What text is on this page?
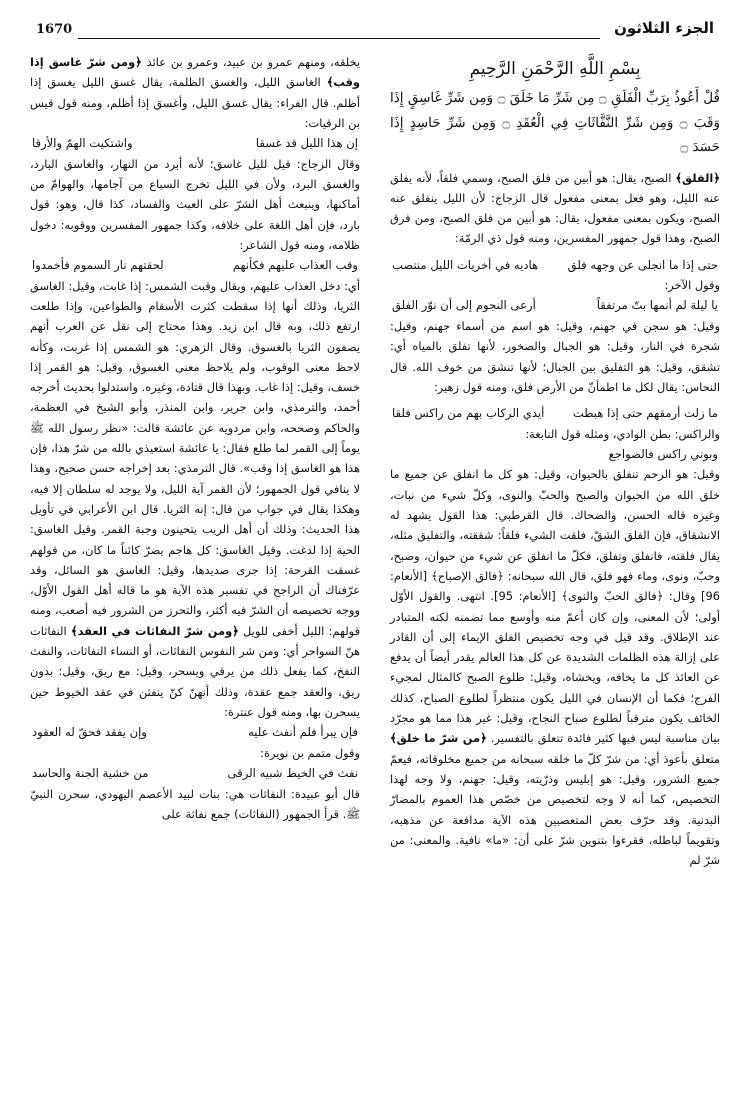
1670	الجزء الثلاثون
بِسْمِ اللَّهِ الرَّحْمَنِ الرَّحِيمِ
قُلْ أَعُوذُ بِرَبِّ الْفَلَقِ ۝ مِن شَرِّ مَا خَلَقَ ۝ وَمِن شَرِّ غَاسِقٍ إِذَا وَقَبَ ۝ وَمِن شَرِّ النَّفَّاثَاتِ فِي الْعُقَدِ ۝ وَمِن شَرِّ حَاسِدٍ إِذَا حَسَدَ ۝

﴿الفلق﴾ الصبح، يقال: هو أبين من فلق الصبح، وسمي فلقاً، لأنه يفلق عنه الليل، وهو فعل بمعنى مفعول قال الزجاج: لأن الليل ينفلق عنه الصبح، ويكون بمعنى مفعول، يقال: هو أبين من فلق الصبح، ومن فرق الصبح، وهذا قول جمهور المفسرين، ومنه قول ذي الرمّة:

حتى إذا ما انجلى عن وجهه فلق
هاديه في أخريات الليل منتصب

وقول الآخر:

يا ليلة لم أنمها بتّ مرتفقاً
أرعى النجوم إلى أن نوّر الفلق

وقيل: هو سجن في جهنم، وقيل: هو اسم من أسماء جهنم، وقيل: شجرة في النار، وقيل: هو الجبال والصخور، لأنها تفلق بالمياه أي: تشقق، وقيل: هو التفليق بين الجبال؛ لأنها تنشق من خوف الله. قال النحاس: يقال لكل ما اطمأنّ من الأرض فلق، ومنه قول زهير:

ما زلت أرمقهم حتى إذا هبطت
أيدي الركاب بهم من راكس فلقا

والراكس: بطن الوادي، ومثله قول النابغة:

وبوني راكس فالضواجع

وقيل: هو الرحم تنفلق بالحيوان، وقيل: هو كل ما انفلق عن جميع ما خلق الله من الحيوان والصبح والحبّ والنوى، وكلّ شيء من نبات، وغيره قاله الحسن، والضحاك. قال القرطبي: هذا القول يشهد له الانشقاق، فإن الفلق الشقّ، فلقت الشيء فلقاً: شققته، والتفليق مثله، يقال فلقته، فانفلق وتفلق، فكلّ ما انفلق عن شيء من حيوان، وصبح، وحبّ، ونوى، وماء فهو فلق، قال الله سبحانه: ﴿فالق الإصباح﴾ [الأنعام: 96] وقال: ﴿فالق الحبّ والنوى﴾ [الأنعام: 95]. انتهى. والقول الأوّل أولى؛ لأن المعنى، وإن كان أعمّ منه وأوسع مما تضمنه لكنه المتبادر عند الإطلاق. وقد قيل في وجه تخصيص الفلق الإيماء إلى أن القادر على إزالة هذه الظلمات الشديدة عن كل هذا العالم يقدر أيضاً أن يدفع عن العائذ كل ما يخافه، ويخشاه، وقيل: طلوع الصبح كالمثال لمجيء الفرج؛ فكما أن الإنسان في الليل يكون منتظراً لطلوع الصباح، كذلك الخائف يكون مترقباً لطلوع صباح النجاح، وقيل: غير هذا مما هو مجرّد بيان مناسبة ليس فيها كثير فائدة تتعلق بالتفسير. ﴿من شرّ ما خلق﴾ متعلق بأعوذ أي: من شرّ كلّ ما خلقه سبحانه من جميع مخلوقاته، فيعمّ جميع الشرور، وقيل: هو إبليس وذرّيته، وقيل: جهنم، ولا وجه لهذا التخصيص، كما أنه لا وجه لتخصيص من خصّص هذا العموم بالمضارّ البدنية. وقد حرّف بعض المتعصبين هذه الآية مدافعة عن مذهبه، وتقويماً لباطله، فقرءوا بتنوين شرّ على أن: «ما» نافية. والمعنى: من شرّ لم

يخلقه، ومنهم عمرو بن عبيد، وعمرو بن عائذ ﴿ومن شرّ غاسق إذا وقب﴾ الغاسق الليل، والغسق الظلمة، يقال غسق الليل يغسق إذا أظلم. قال الفراء: يقال غسق الليل، وأغسق إذا أظلم، ومنه قول قيس بن الرقيات:

إن هذا الليل قد غسقا
واشتكيت الهمّ والأرقا

وقال الزجاج: قيل لليل غاسق؛ لأنه أبرد من النهار، والغاسق البارد، والغسق البرد، ولأن في الليل تخرج السباع من آجامها، والهوامّ من أماكنها، وينبعث أهل الشرّ على العبث والفساد، كذا قال، وهو: قول بارد، فإن أهل اللغة على خلافه، وكذا جمهور المفسرين ووقوبه: دخول ظلامه، ومنه قول الشاعر:

وقب العذاب عليهم فكأنهم
لحقتهم نار السموم فأخمدوا

أي: دخل العذاب عليهم، ويقال وقبت الشمس: إذا غابت، وقيل: الغاسق الثريا، وذلك أنها إذا سقطت كثرت الأسقام والطواعين، وإذا طلعت ارتفع ذلك، وبه قال ابن زيد. وهذا محتاج إلى نقل عن العرب أنهم يصفون الثريا بالغسوق. وقال الزهري: هو الشمس إذا غربت، وكأنه لاحظ معنى الوقوب، ولم يلاحظ معنى الغسوق، وقيل: هو القمر إذا خسف، وقيل: إذا غاب. وبهذا قال قتادة، وغيره. واستدلوا بحديث أخرجه أحمد، والترمذي، وابن جرير، وابن المنذر، وأبو الشيخ في العظمة، والحاكم وصححه، وابن مردويه عن عائشة قالت: «نظر رسول الله ﷺ يوماً إلى القمر لما طلع فقال: يا عائشة استعيذي بالله من شرّ هذا، فإن هذا هو الغاسق إذا وقب». قال الترمذي: بعد إخراجه حسن صحيح، وهذا لا ينافي قول الجمهور؛ لأن القمر آية الليل، ولا يوجد له سلطان إلا فيه، وهكذا يقال في جواب من قال: إنه الثريا. قال ابن الأعرابي في تأويل هذا الحديث: وذلك أن أهل الريب يتحينون وجبة القمر. وقيل الغاسق: الحية إذا لدغت. وقيل الغاسق: كل هاجم يضرّ كائناً ما كان، من قولهم غسقت القرحة: إذا جرى صديدها، وقيل: الغاسق هو السائل، وقد عرّفناك أن الراجح في تفسير هذه الآية هو ما قاله أهل القول الأوّل، ووجه تخصيصه أن الشرّ فيه أكثر، والتحرز من الشرور فيه أصعب، ومنه قولهم: الليل أخفى للويل ﴿ومن شرّ النفاثات في العقد﴾ النفاثات هنّ السواحر أي: ومن شر النفوس النفاثات، أو النساء النفاثات، والنفث النفخ، كما يفعل ذلك من يرقي ويسحر، وقيل: مع ريق، وقيل: بدون ريق، والعقد جمع عقدة، وذلك أنهنّ كنّ ينفثن في عقد الخيوط حين يسحرن بها، ومنه قول عنترة:

فإن يبرأ فلم أنفث عليه
وإن يفقد فحقّ له العقود

وقول متمم بن نويرة:

نفث في الخيط شبيه الرقى
من خشية الجنة والحاسد

قال أبو عبيدة: النفاثات هي: بنات لبيد الأعصم اليهودي، سحرن النبيّ ﷺ. قرأ الجمهور (النفاثات) جمع نفاثة على
